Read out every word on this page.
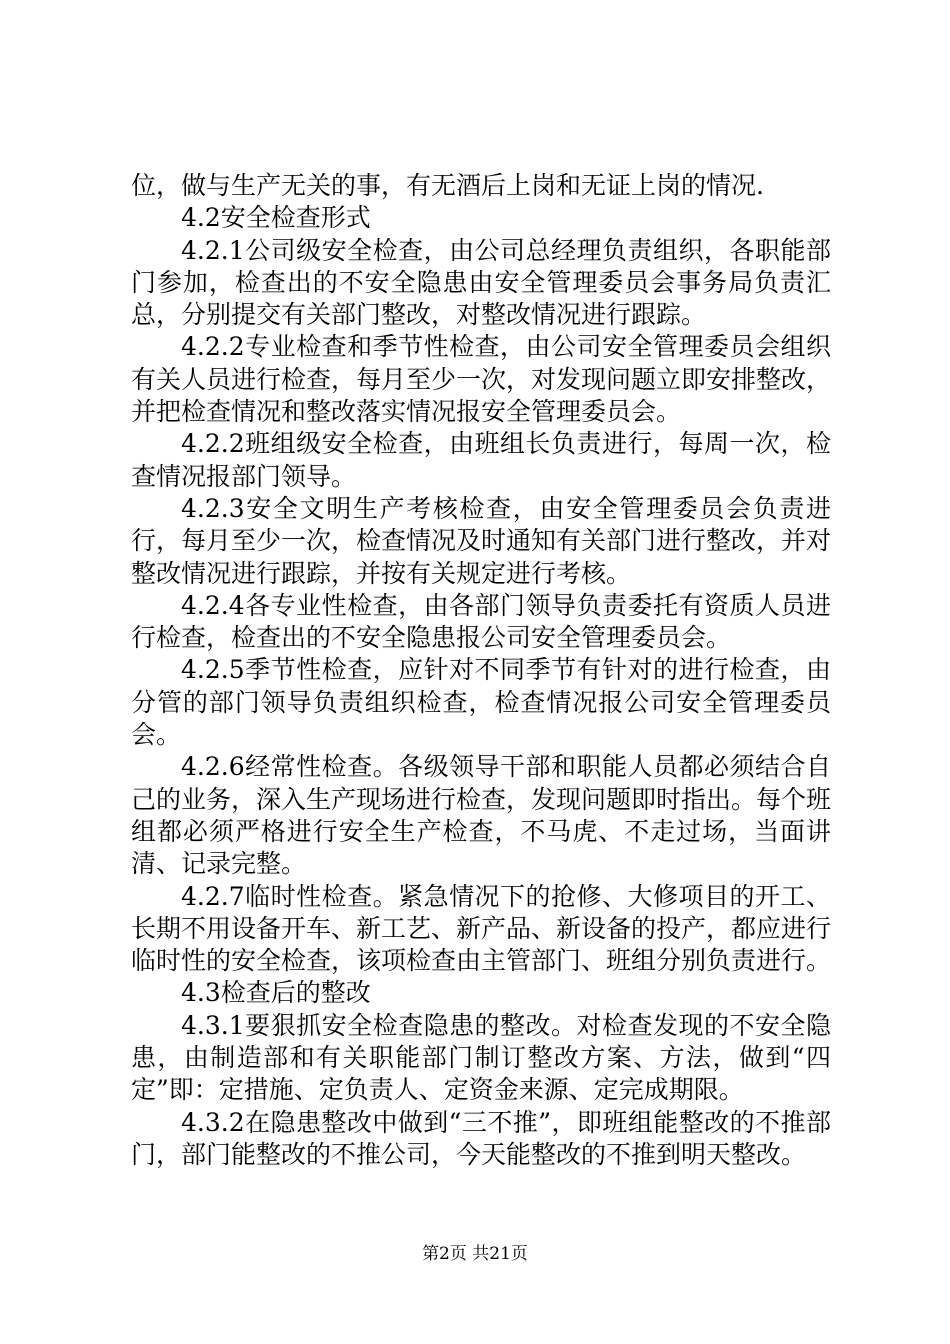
位，做与生产无关的事，有无酒后上岗和无证上岗的情况.

4.2安全检查形式

4.2.1公司级安全检查，由公司总经理负责组织，各职能部门参加，检查出的不安全隐患由安全管理委员会事务局负责汇总，分别提交有关部门整改，对整改情况进行跟踪。

4.2.2专业检查和季节性检查，由公司安全管理委员会组织有关人员进行检查，每月至少一次，对发现问题立即安排整改，并把检查情况和整改落实情况报安全管理委员会。

4.2.2班组级安全检查，由班组长负责进行，每周一次，检查情况报部门领导。

4.2.3安全文明生产考核检查，由安全管理委员会负责进行，每月至少一次，检查情况及时通知有关部门进行整改，并对整改情况进行跟踪，并按有关规定进行考核。

4.2.4各专业性检查，由各部门领导负责委托有资质人员进行检查，检查出的不安全隐患报公司安全管理委员会。

4.2.5季节性检查，应针对不同季节有针对的进行检查，由分管的部门领导负责组织检查，检查情况报公司安全管理委员会。

4.2.6经常性检查。各级领导干部和职能人员都必须结合自己的业务，深入生产现场进行检查，发现问题即时指出。每个班组都必须严格进行安全生产检查，不马虎、不走过场，当面讲清、记录完整。

4.2.7临时性检查。紧急情况下的抢修、大修项目的开工、长期不用设备开车、新工艺、新产品、新设备的投产，都应进行临时性的安全检查，该项检查由主管部门、班组分别负责进行。

4.3检查后的整改

4.3.1要狠抓安全检查隐患的整改。对检查发现的不安全隐患，由制造部和有关职能部门制订整改方案、方法，做到“四定”即：定措施、定负责人、定资金来源、定完成期限。

4.3.2在隐患整改中做到“三不推”，即班组能整改的不推部门，部门能整改的不推公司，今天能整改的不推到明天整改。

第2页 共21页
